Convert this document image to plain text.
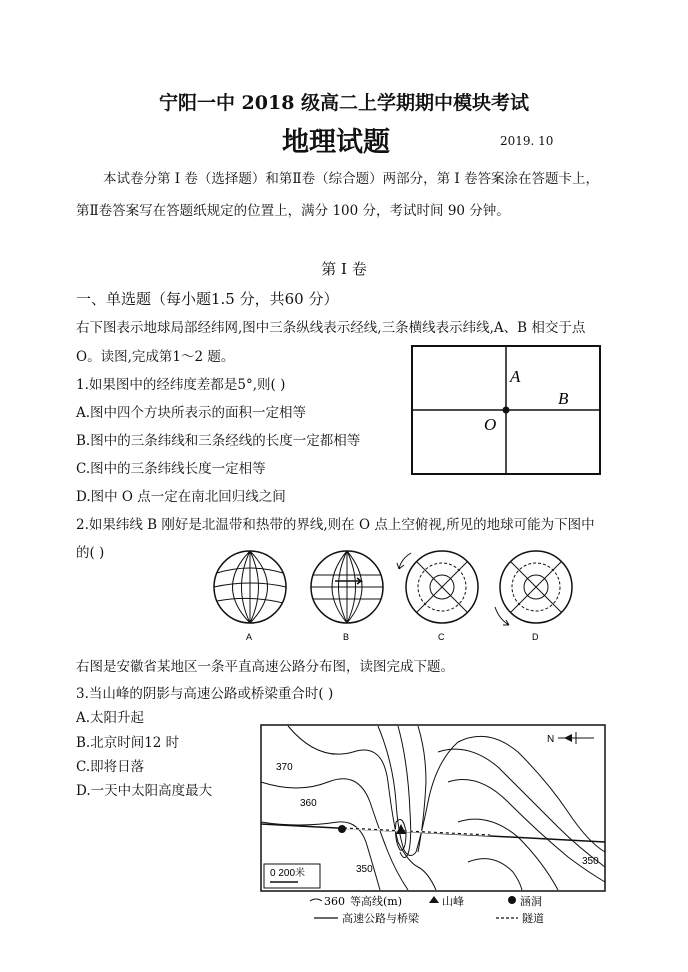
宁阳一中 2018 级高二上学期期中模块考试
地理试题	2019. 10
本试卷分第 I 卷（选择题）和第Ⅱ卷（综合题）两部分，第 I 卷答案涂在答题卡上，
第Ⅱ卷答案写在答题纸规定的位置上，满分 100 分，考试时间 90 分钟。
第 I 卷
一、单选题（每小题1.5 分，共60 分）
右下图表示地球局部经纬网,图中三条纵线表示经线,三条横线表示纬线,A、B 相交于点
O。读图,完成第1～2 题。
1.如果图中的经纬度差都是5°,则( )
A.图中四个方块所表示的面积一定相等
B.图中的三条纬线和三条经线的长度一定都相等
C.图中的三条纬线长度一定相等
D.图中 O 点一定在南北回归线之间
A
B
O
2.如果纬线 B 刚好是北温带和热带的界线,则在 O 点上空俯视,所见的地球可能为下图中
的( )
A	B	C	D
右图是安徽省某地区一条平直高速公路分布图，读图完成下题。
3.当山峰的阴影与高速公路或桥梁重合时( )
A.太阳升起
B.北京时间12 时
C.即将日落
D.一天中太阳高度最大
N
370
360
350
350
0 200米
360 等高线(m)	山峰	涵洞
高速公路与桥梁	隧道
